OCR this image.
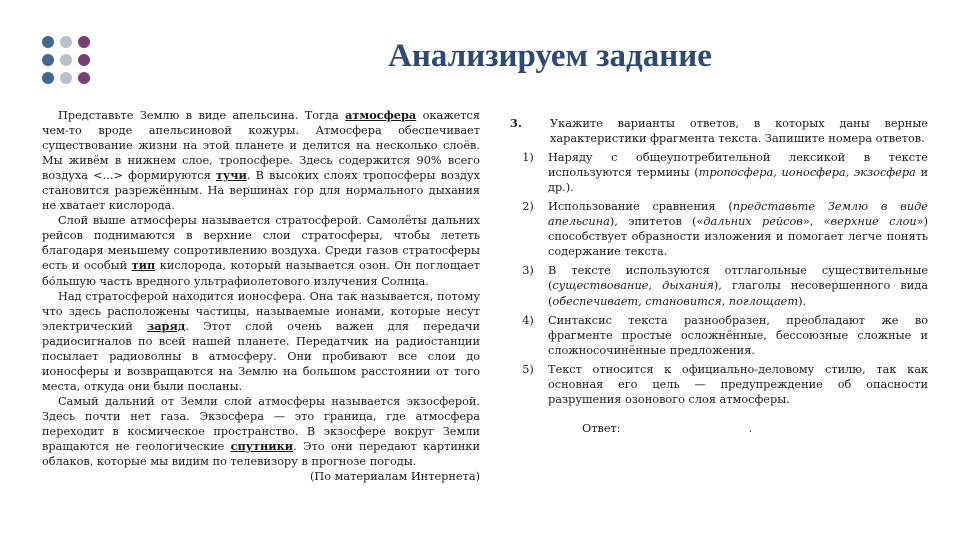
Анализируем задание

Представьте Землю в виде апельсина. Тогда атмосфера окажется чем-то вроде апельсиновой кожуры. Атмосфера обеспечивает существование жизни на этой планете и делится на несколько слоёв. Мы живём в нижнем слое, тропосфере. Здесь содержится 90% всего воздуха <...> формируются тучи. В высоких слоях тропосферы воздух становится разрежённым. На вершинах гор для нормального дыхания не хватает кислорода.

Слой выше атмосферы называется стратосферой. Самолёты дальних рейсов поднимаются в верхние слои стратосферы, чтобы лететь благодаря меньшему сопротивлению воздуха. Среди газов стратосферы есть и особый тип кислорода, который называется озон. Он поглощает бо́льшую часть вредного ультрафиолетового излучения Солнца.

Над стратосферой находится ионосфера. Она так называется, потому что здесь расположены частицы, называемые ионами, которые несут электрический заряд. Этот слой очень важен для передачи радиосигналов по всей нашей планете. Передатчик на радиостанции посылает радиоволны в атмосферу. Они пробивают все слои до ионосферы и возвращаются на Землю на большом расстоянии от того места, откуда они были посланы.

Самый дальний от Земли слой атмосферы называется экзосферой. Здесь почти нет газа. Экзосфера — это граница, где атмосфера переходит в космическое пространство. В экзосфере вокруг Земли вращаются не геологические спутники. Это они передают картинки облаков, которые мы видим по телевизору в прогнозе погоды.

(По материалам Интернета)

3.	Укажите варианты ответов, в которых даны верные характеристики фрагмента текста. Запишите номера ответов.
1)	Наряду с общеупотребительной лексикой в тексте используются термины (тропосфера, ионосфера, экзосфера и др.).
2)	Использование сравнения (представьте Землю в виде апельсина), эпитетов («дальних рейсов», «верхние слои») способствует образности изложения и помогает легче понять содержание текста.
3)	В тексте используются отглагольные существительные (существование, дыхания), глаголы несовершенного вида (обеспечивает, становится, поглощает).
4)	Синтаксис текста разнообразен, преобладают же во фрагменте простые осложнённые, бессоюзные сложные и сложносочинённые предложения.
5)	Текст относится к официально-деловому стилю, так как основная его цель — предупреждение об опасности разрушения озонового слоя атмосферы.
Ответ:	.
